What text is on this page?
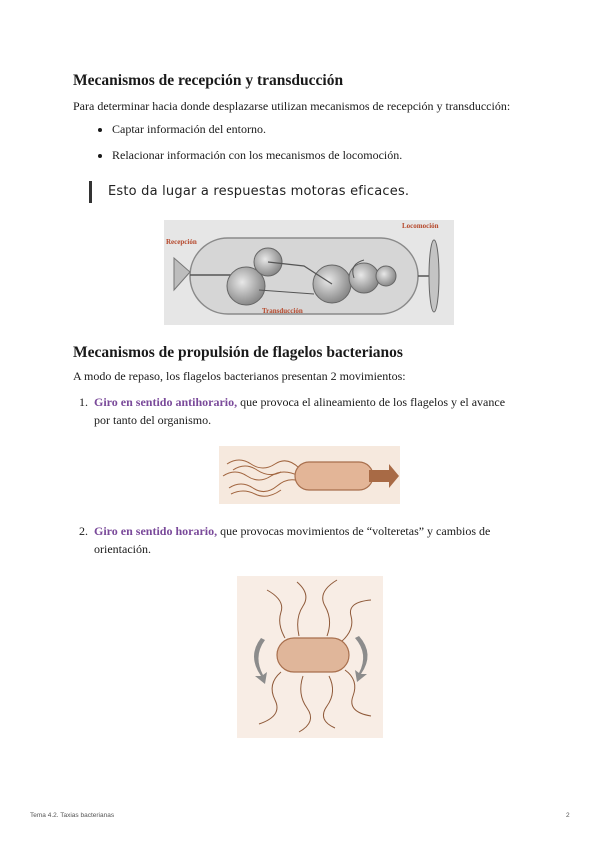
Mecanismos de recepción y transducción

Para determinar hacia donde desplazarse utilizan mecanismos de recepción y transducción:

Captar información del entorno.
Relacionar información con los mecanismos de locomoción.
Esto da lugar a respuestas motoras eficaces.
Recepción
Transducción
Locomoción
Mecanismos de propulsión de flagelos bacterianos

A modo de repaso, los flagelos bacterianos presentan 2 movimientos:

1. Giro en sentido antihorario, que provoca el alineamiento de los flagelos y el avance
por tanto del organismo.
2. Giro en sentido horario, que provocas movimientos de “volteretas” y cambios de
orientación.
Tema 4.2. Taxias bacterianas	2
